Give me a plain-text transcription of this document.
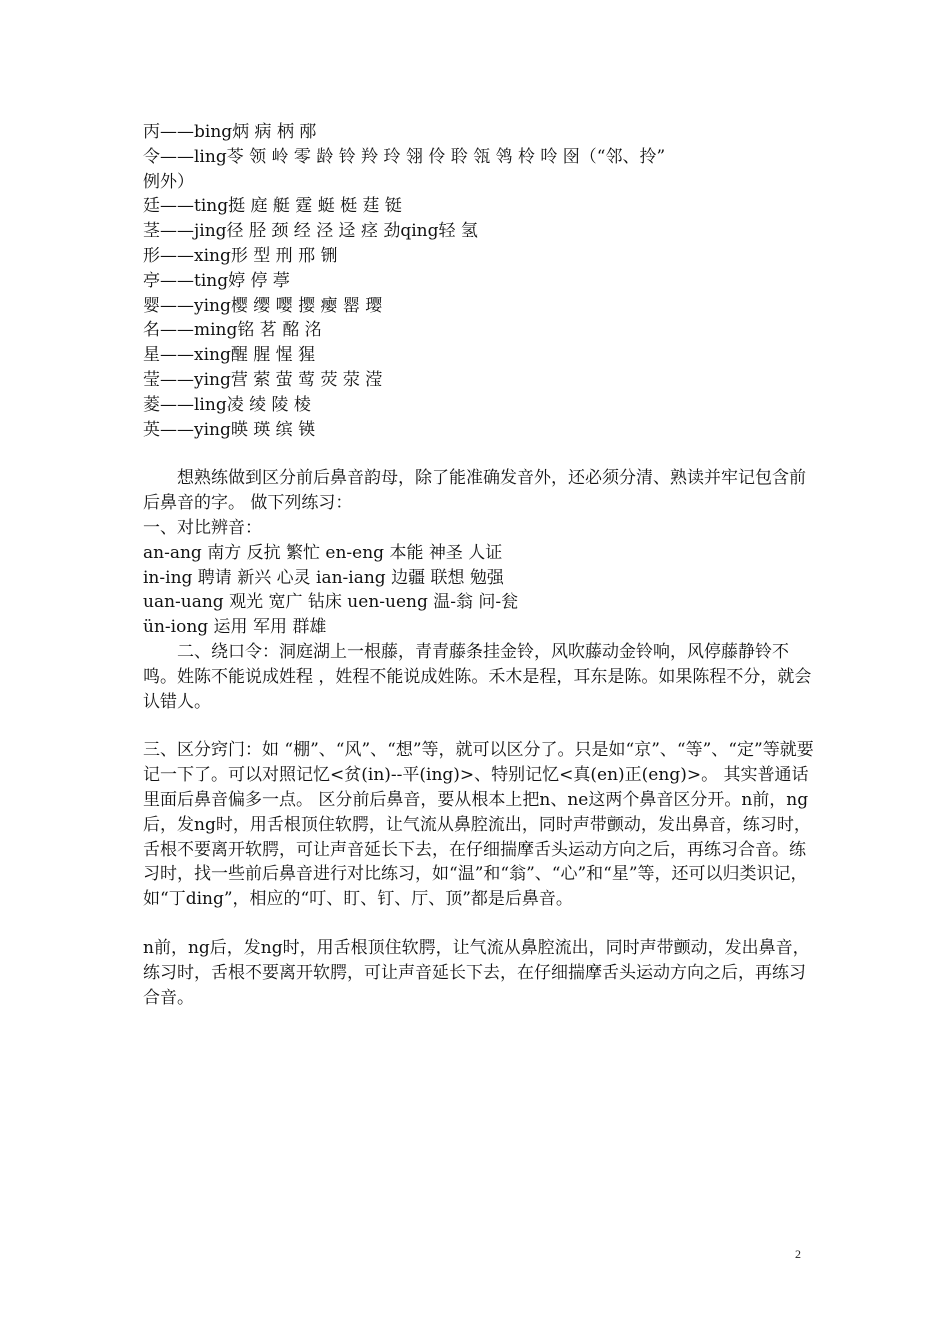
丙——bing炳 病 柄 邴
令——ling苓 领 岭 零 龄 铃 羚 玲 翎 伶 聆 瓴 鸰 柃 呤 囹（“邻、拎”
例外）
廷——ting挺 庭 艇 霆 蜓 梃 莛 铤
茎——jing径 胫 颈 经 泾 迳 痉 劲qing轻 氢
形——xing形 型 刑 邢 铏
亭——ting婷 停 葶
婴——ying樱 缨 嘤 撄 瘿 罂 璎
名——ming铭 茗 酩 洺
星——xing醒 腥 惺 猩
莹——ying营 萦 萤 莺 荧 荥 滢
菱——ling凌 绫 陵 棱
英——ying暎 瑛 缤 锳
想熟练做到区分前后鼻音韵母，除了能准确发音外，还必须分清、熟读并牢记包含前后鼻音的字。 做下列练习：
一、对比辨音：
an-ang 南方 反抗 繁忙 en-eng 本能 神圣 人证
in-ing 聘请 新兴 心灵 ian-iang 边疆 联想 勉强
uan-uang 观光 宽广 钻床 uen-ueng 温-翁 问-瓮
ün-iong 运用 军用 群雄
二、绕口令：洞庭湖上一根藤，青青藤条挂金铃，风吹藤动金铃响，风停藤静铃不鸣。姓陈不能说成姓程 ，姓程不能说成姓陈。禾木是程，耳东是陈。如果陈程不分，就会认错人。
三、区分窍门：如 “棚”、“风”、“想”等，就可以区分了。只是如“京”、“等”、“定”等就要 记一下了。可以对照记忆<贫(in)--平(ing)>、特别记忆<真(en)正(eng)>。 其实普通话里面后鼻音偏多一点。 区分前后鼻音，要从根本上把n、ne这两个鼻音区分开。n前，ng后，发ng时，用舌根顶住软腭，让气流从鼻腔流出，同时声带颤动，发出鼻音，练习时，舌根不要离开软腭，可让声音延长下去，在仔细揣摩舌头运动方向之后，再练习合音。练习时，找一些前后鼻音进行对比练习，如“温”和“翁”、“心”和“星”等，还可以归类识记，如“丁ding”，相应的“叮、盯、钉、厅、顶”都是后鼻音。
n前，ng后，发ng时，用舌根顶住软腭，让气流从鼻腔流出，同时声带颤动，发出鼻音，练习时，舌根不要离开软腭，可让声音延长下去，在仔细揣摩舌头运动方向之后，再练习合音。
2
